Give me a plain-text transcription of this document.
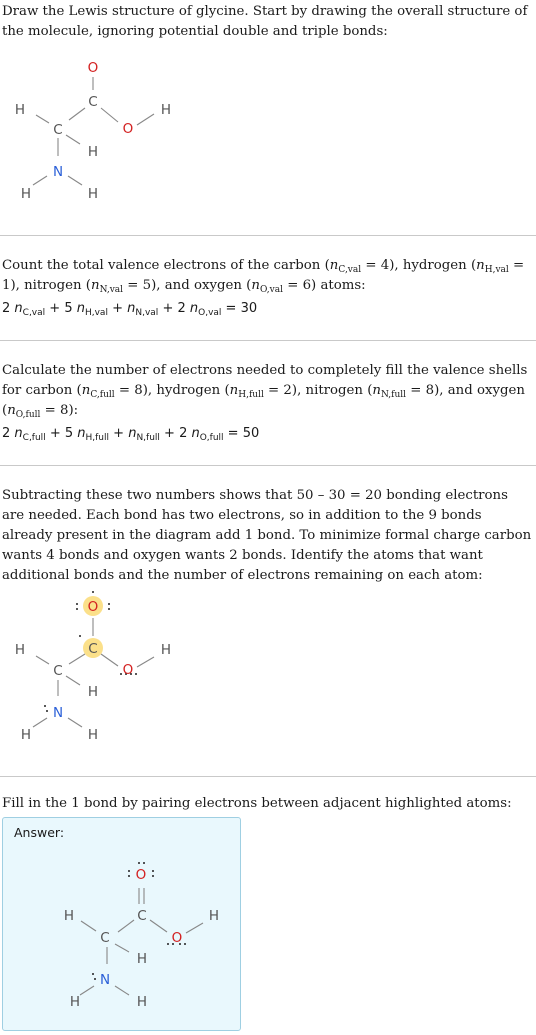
Draw the Lewis structure of glycine. Start by drawing the overall structure of the molecule, ignoring potential double and triple bonds:

O
C
O
H
H
C
H
N
H	H

Count the total valence electrons of the carbon $(n_{C,val} = 4)$, hydrogen $(n_{H,val} = 1)$, nitrogen $(n_{N,val} = 5)$, and oxygen $(n_{O,val} = 6)$ atoms:

2 $n_{C,val} + 5$ $n_{H,val} + n_{N,val} + 2$ $n_{O,val} = 30$

Calculate the number of electrons needed to completely fill the valence shells for carbon $(n_{C,full} = 8)$, hydrogen $(n_{H,full} = 2)$, nitrogen $(n_{N,full} = 8)$, and oxygen $(n_{O,full} = 8)$:

2 $n_{C,full} + 5$ $n_{H,full} + n_{N,full} + 2$ $n_{O,full} = 50$

Subtracting these two numbers shows that 50 – 30 = 20 bonding electrons are needed. Each bond has two electrons, so in addition to the 9 bonds already present in the diagram add 1 bond. To minimize formal charge carbon wants 4 bonds and oxygen wants 2 bonds. Identify the atoms that want additional bonds and the number of electrons remaining on each atom:

O
C
O
H
H
C
H
N
H	H

Fill in the 1 bond by pairing electrons between adjacent highlighted atoms:

Answer:
O
C
O
H
H
C
H
N
H	H
